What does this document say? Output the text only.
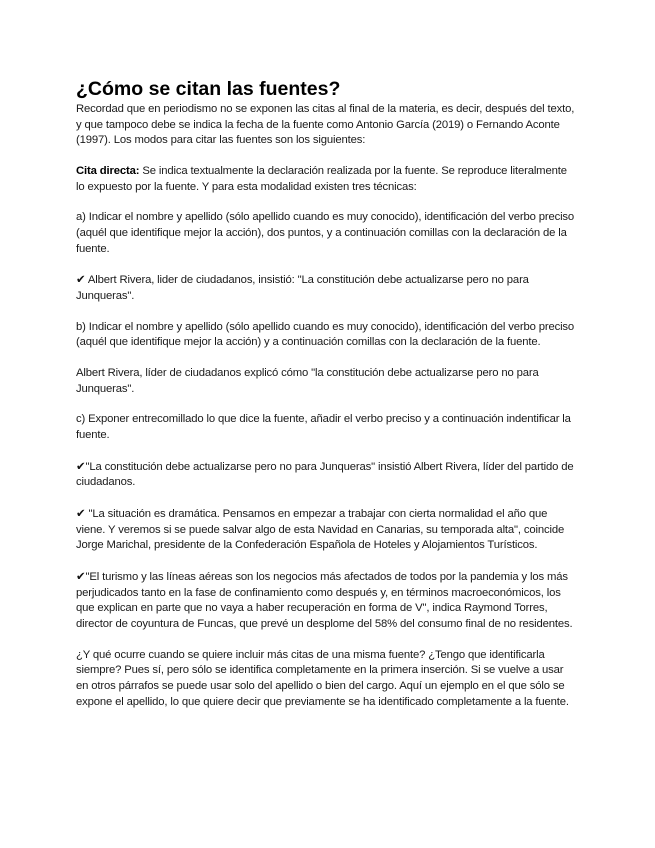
¿Cómo se citan las fuentes?

Recordad que en periodismo no se exponen las citas al final de la materia, es decir, después del texto, y que tampoco debe se indica la fecha de la fuente como Antonio García (2019) o Fernando Aconte (1997). Los modos para citar las fuentes son los siguientes:

Cita directa: Se indica textualmente la declaración realizada por la fuente. Se reproduce literalmente lo expuesto por la fuente. Y para esta modalidad existen tres técnicas:

a) Indicar el nombre y apellido (sólo apellido cuando es muy conocido), identificación del verbo preciso (aquél que identifique mejor la acción), dos puntos, y a continuación comillas con la declaración de la fuente.

✔ Albert Rivera, lider de ciudadanos, insistió: "La constitución debe actualizarse pero no para Junqueras".

b) Indicar el nombre y apellido (sólo apellido cuando es muy conocido), identificación del verbo preciso (aquél que identifique mejor la acción) y a continuación comillas con la declaración de la fuente.

Albert Rivera, líder de ciudadanos explicó cómo "la constitución debe actualizarse pero no para Junqueras".

c) Exponer entrecomillado lo que dice la fuente, añadir el verbo preciso y a continuación indentificar la fuente.

✔"La constitución debe actualizarse pero no para Junqueras" insistió Albert Rivera, líder del partido de ciudadanos.

✔ "La situación es dramática. Pensamos en empezar a trabajar con cierta normalidad el año que viene. Y veremos si se puede salvar algo de esta Navidad en Canarias, su temporada alta", coincide Jorge Marichal, presidente de la Confederación Española de Hoteles y Alojamientos Turísticos.

✔"El turismo y las líneas aéreas son los negocios más afectados de todos por la pandemia y los más perjudicados tanto en la fase de confinamiento como después y, en términos macroeconómicos, los que explican en parte que no vaya a haber recuperación en forma de V", indica Raymond Torres, director de coyuntura de Funcas, que prevé un desplome del 58% del consumo final de no residentes.

¿Y qué ocurre cuando se quiere incluir más citas de una misma fuente? ¿Tengo que identificarla siempre? Pues sí, pero sólo se identifica completamente en la primera inserción. Si se vuelve a usar en otros párrafos se puede usar solo del apellido o bien del cargo. Aquí un ejemplo en el que sólo se expone el apellido, lo que quiere decir que previamente se ha identificado completamente a la fuente.
